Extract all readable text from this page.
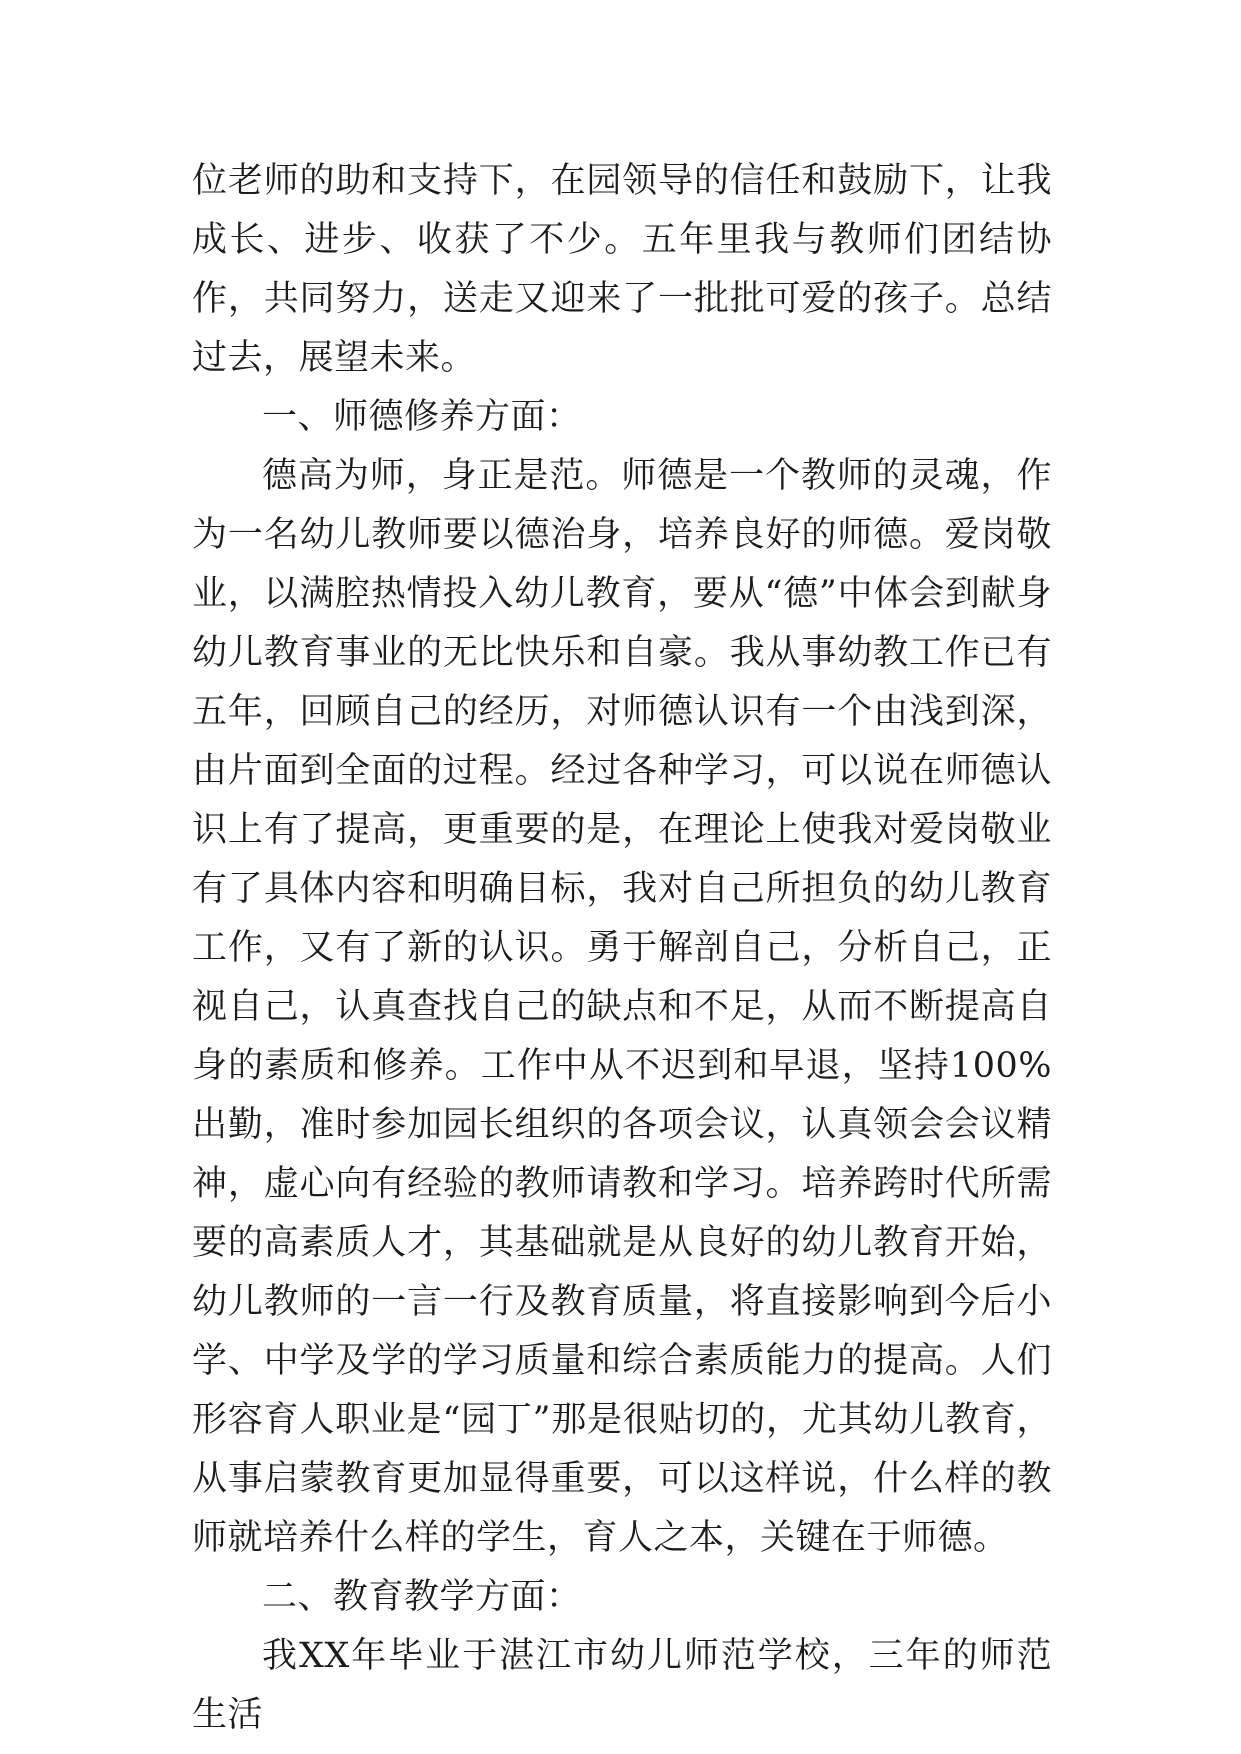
位老师的助和支持下，在园领导的信任和鼓励下，让我成长、进步、收获了不少。五年里我与教师们团结协作，共同努力，送走又迎来了一批批可爱的孩子。总结过去，展望未来。

一、师德修养方面：

德高为师，身正是范。师德是一个教师的灵魂，作为一名幼儿教师要以德治身，培养良好的师德。爱岗敬业，以满腔热情投入幼儿教育，要从“德”中体会到献身幼儿教育事业的无比快乐和自豪。我从事幼教工作已有五年，回顾自己的经历，对师德认识有一个由浅到深，由片面到全面的过程。经过各种学习，可以说在师德认识上有了提高，更重要的是，在理论上使我对爱岗敬业有了具体内容和明确目标，我对自己所担负的幼儿教育工作，又有了新的认识。勇于解剖自己，分析自己，正视自己，认真查找自己的缺点和不足，从而不断提高自身的素质和修养。工作中从不迟到和早退，坚持100%出勤，准时参加园长组织的各项会议，认真领会会议精神，虚心向有经验的教师请教和学习。培养跨时代所需要的高素质人才，其基础就是从良好的幼儿教育开始，幼儿教师的一言一行及教育质量，将直接影响到今后小学、中学及学的学习质量和综合素质能力的提高。人们形容育人职业是“园丁”那是很贴切的，尤其幼儿教育，从事启蒙教育更加显得重要，可以这样说，什么样的教师就培养什么样的学生，育人之本，关键在于师德。

二、教育教学方面：

我XX年毕业于湛江市幼儿师范学校，三年的师范生活
